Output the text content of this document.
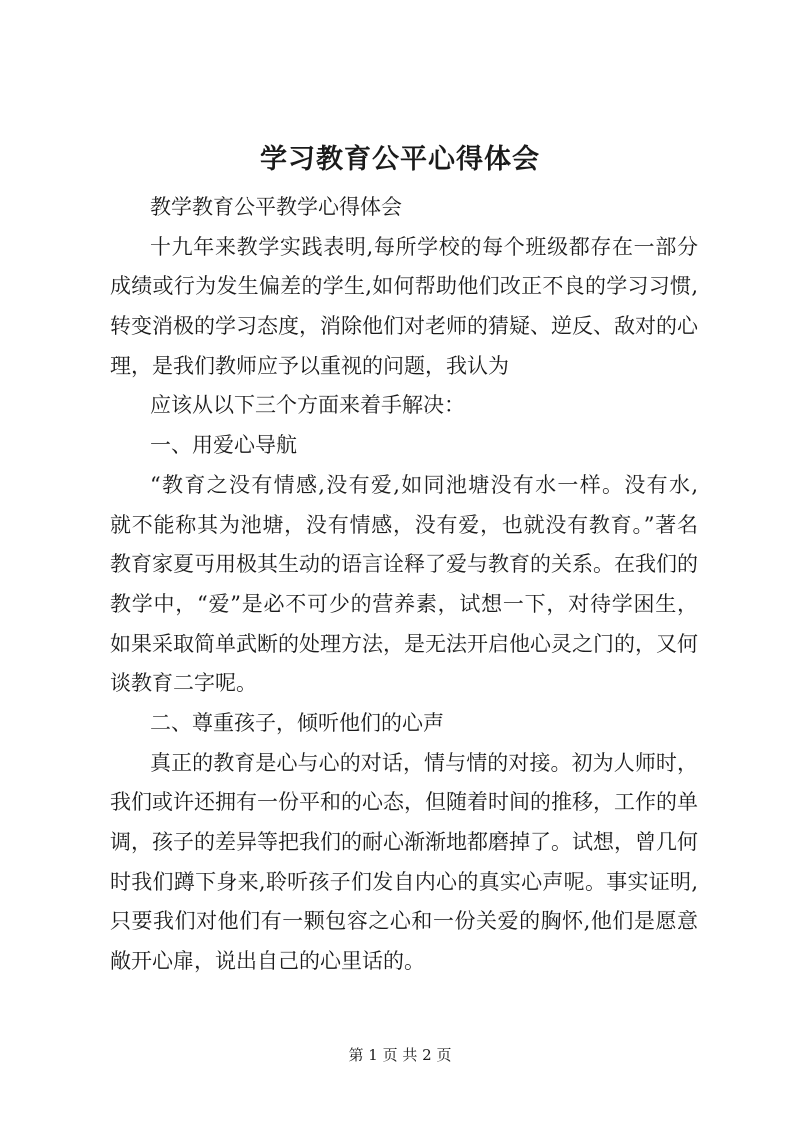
学习教育公平心得体会
教学教育公平教学心得体会
十九年来教学实践表明,每所学校的每个班级都存在一部分
成绩或行为发生偏差的学生,如何帮助他们改正不良的学习习惯,
转变消极的学习态度，消除他们对老师的猜疑、逆反、敌对的心
理，是我们教师应予以重视的问题，我认为
应该从以下三个方面来着手解决：
一、用爱心导航
“教育之没有情感,没有爱,如同池塘没有水一样。没有水,
就不能称其为池塘，没有情感，没有爱，也就没有教育。”著名
教育家夏丏用极其生动的语言诠释了爱与教育的关系。在我们的
教学中，“爱”是必不可少的营养素，试想一下，对待学困生，
如果采取简单武断的处理方法，是无法开启他心灵之门的，又何
谈教育二字呢。
二、尊重孩子，倾听他们的心声
真正的教育是心与心的对话，情与情的对接。初为人师时，
我们或许还拥有一份平和的心态，但随着时间的推移，工作的单
调，孩子的差异等把我们的耐心渐渐地都磨掉了。试想，曾几何
时我们蹲下身来,聆听孩子们发自内心的真实心声呢。事实证明,
只要我们对他们有一颗包容之心和一份关爱的胸怀,他们是愿意
敞开心扉，说出自己的心里话的。
第 1 页 共 2 页
